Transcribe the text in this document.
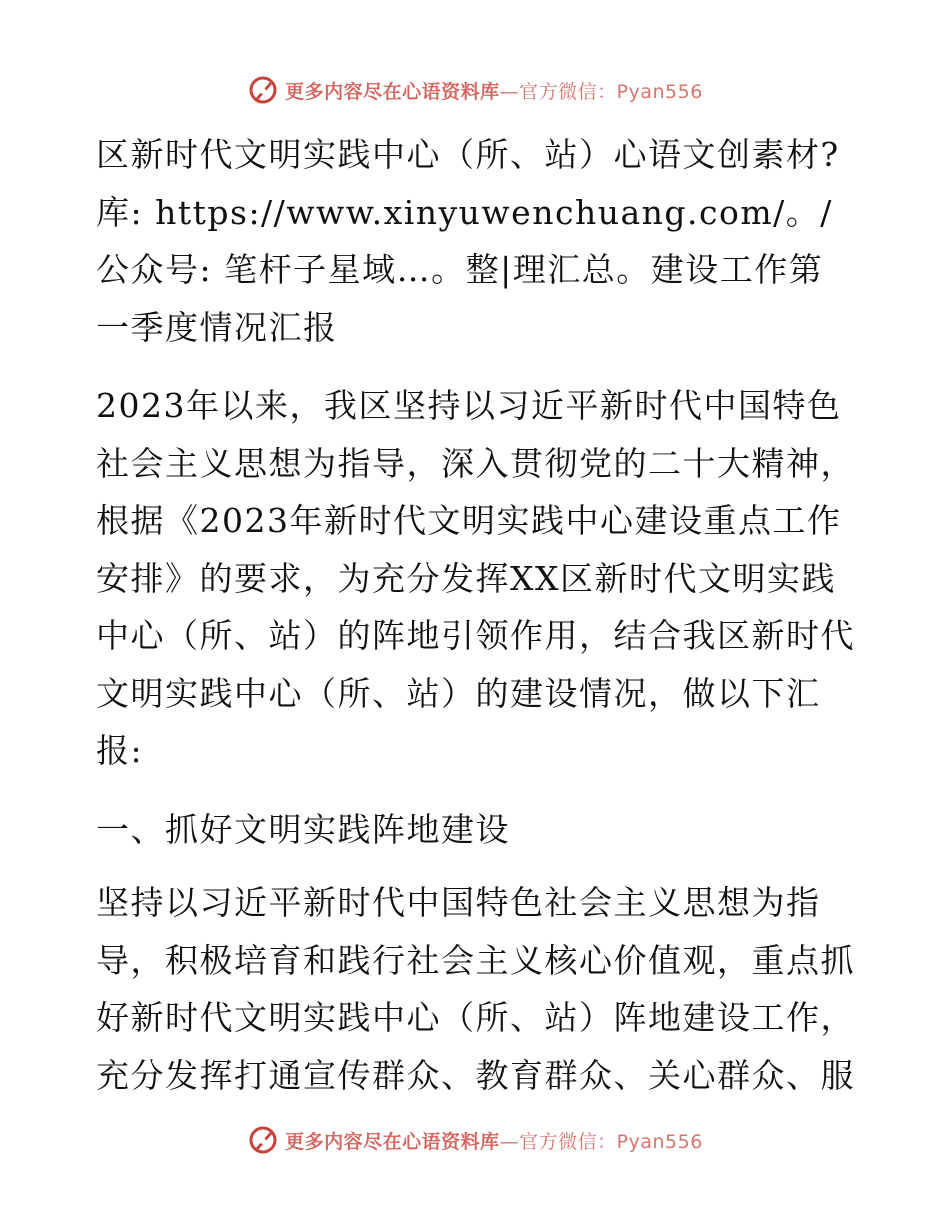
更多内容尽在心语资料库—官方微信：Pyan556

区新时代文明实践中心（所、站）心语文创素材?库: https://www.xinyuwenchuang.com/。/公众号: 笔杆子星域…。整|理汇总。建设工作第一季度情况汇报

2023年以来，我区坚持以习近平新时代中国特色社会主义思想为指导，深入贯彻党的二十大精神，根据《2023年新时代文明实践中心建设重点工作安排》的要求，为充分发挥XX区新时代文明实践中心（所、站）的阵地引领作用，结合我区新时代文明实践中心（所、站）的建设情况，做以下汇报:

一、抓好文明实践阵地建设

坚持以习近平新时代中国特色社会主义思想为指导，积极培育和践行社会主义核心价值观，重点抓好新时代文明实践中心（所、站）阵地建设工作，充分发挥打通宣传群众、教育群众、关心群众、服

更多内容尽在心语资料库—官方微信：Pyan556
